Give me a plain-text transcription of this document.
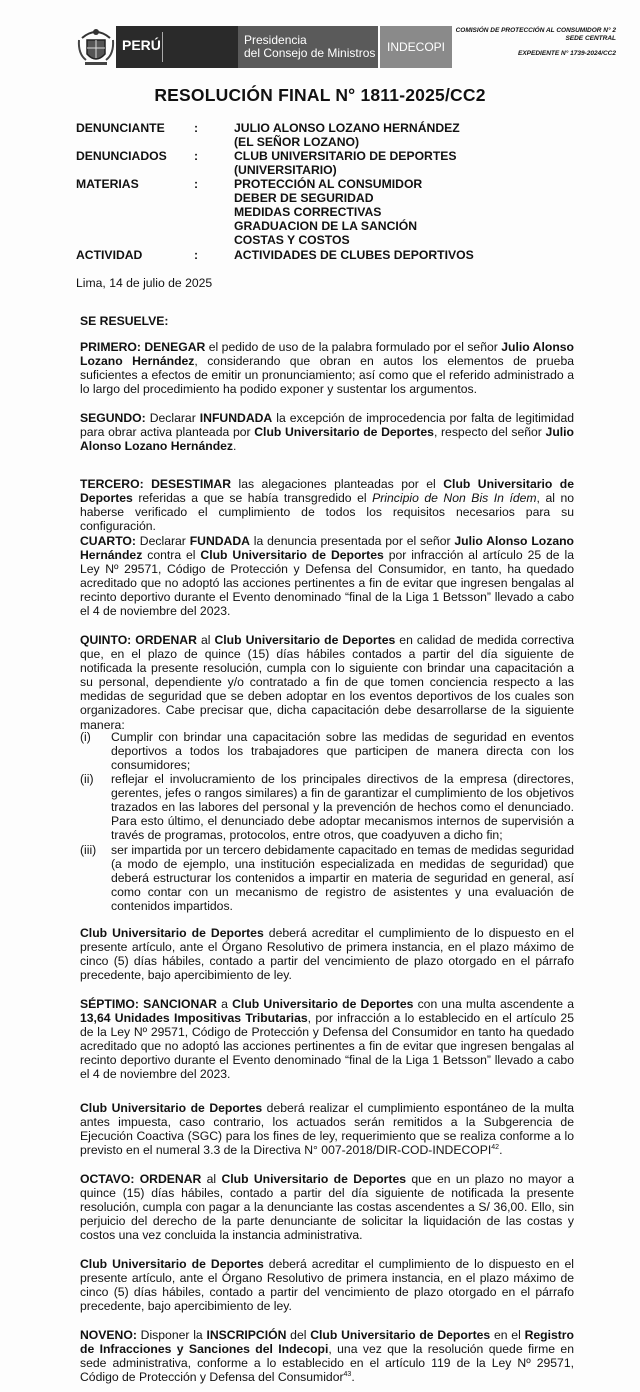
PERÚ	Presidencia
del Consejo de Ministros INDECOPI
COMISIÓN DE PROTECCIÓN AL CONSUMIDOR N° 2
SEDE CENTRAL
EXPEDIENTE N° 1739-2024/CC2
RESOLUCIÓN FINAL N° 1811-2025/CC2
DENUNCIANTE :	JULIO ALONSO LOZANO HERNÁNDEZ
(EL SEÑOR LOZANO)
DENUNCIADOS :	CLUB UNIVERSITARIO DE DEPORTES
(UNIVERSITARIO)
MATERIAS	:	PROTECCIÓN AL CONSUMIDOR
DEBER DE SEGURIDAD
MEDIDAS CORRECTIVAS
GRADUACION DE LA SANCIÓN
COSTAS Y COSTOS
ACTIVIDAD	:	ACTIVIDADES DE CLUBES DEPORTIVOS
Lima, 14 de julio de 2025
SE RESUELVE:

PRIMERO: DENEGAR el pedido de uso de la palabra formulado por el señor Julio Alonso Lozano Hernández, considerando que obran en autos los elementos de prueba suficientes a efectos de emitir un pronunciamiento; así como que el referido administrado a lo largo del procedimiento ha podido exponer y sustentar los argumentos.

SEGUNDO: Declarar INFUNDADA la excepción de improcedencia por falta de legitimidad para obrar activa planteada por Club Universitario de Deportes, respecto del señor Julio Alonso Lozano Hernández.

TERCERO: DESESTIMAR las alegaciones planteadas por el Club Universitario de Deportes referidas a que se había transgredido el Principio de Non Bis In ídem, al no haberse verificado el cumplimiento de todos los requisitos necesarios para su configuración.

CUARTO: Declarar FUNDADA la denuncia presentada por el señor Julio Alonso Lozano Hernández contra el Club Universitario de Deportes por infracción al artículo 25 de la Ley Nº 29571, Código de Protección y Defensa del Consumidor, en tanto, ha quedado acreditado que no adoptó las acciones pertinentes a fin de evitar que ingresen bengalas al recinto deportivo durante el Evento denominado “final de la Liga 1 Betsson” llevado a cabo el 4 de noviembre del 2023.

QUINTO: ORDENAR al Club Universitario de Deportes en calidad de medida correctiva que, en el plazo de quince (15) días hábiles contados a partir del día siguiente de notificada la presente resolución, cumpla con lo siguiente con brindar una capacitación a su personal, dependiente y/o contratado a fin de que tomen conciencia respecto a las medidas de seguridad que se deben adoptar en los eventos deportivos de los cuales son organizadores. Cabe precisar que, dicha capacitación debe desarrollarse de la siguiente manera:

(i) Cumplir con brindar una capacitación sobre las medidas de seguridad en eventos deportivos a todos los trabajadores que participen de manera directa con los consumidores;

(ii) reflejar el involucramiento de los principales directivos de la empresa (directores, gerentes, jefes o rangos similares) a fin de garantizar el cumplimiento de los objetivos trazados en las labores del personal y la prevención de hechos como el denunciado. Para esto último, el denunciado debe adoptar mecanismos internos de supervisión a través de programas, protocolos, entre otros, que coadyuven a dicho fin;

(iii) ser impartida por un tercero debidamente capacitado en temas de medidas seguridad (a modo de ejemplo, una institución especializada en medidas de seguridad) que deberá estructurar los contenidos a impartir en materia de seguridad en general, así como contar con un mecanismo de registro de asistentes y una evaluación de contenidos impartidos.

Club Universitario de Deportes deberá acreditar el cumplimiento de lo dispuesto en el presente artículo, ante el Órgano Resolutivo de primera instancia, en el plazo máximo de cinco (5) días hábiles, contado a partir del vencimiento de plazo otorgado en el párrafo precedente, bajo apercibimiento de ley.

SÉPTIMO: SANCIONAR a Club Universitario de Deportes con una multa ascendente a 13,64 Unidades Impositivas Tributarias, por infracción a lo establecido en el artículo 25 de la Ley Nº 29571, Código de Protección y Defensa del Consumidor en tanto ha quedado acreditado que no adoptó las acciones pertinentes a fin de evitar que ingresen bengalas al recinto deportivo durante el Evento denominado “final de la Liga 1 Betsson” llevado a cabo el 4 de noviembre del 2023.

Club Universitario de Deportes deberá realizar el cumplimiento espontáneo de la multa antes impuesta, caso contrario, los actuados serán remitidos a la Subgerencia de Ejecución Coactiva (SGC) para los fines de ley, requerimiento que se realiza conforme a lo previsto en el numeral 3.3 de la Directiva N° 007-2018/DIR-COD-INDECOPI$^{42}$.

OCTAVO: ORDENAR al Club Universitario de Deportes que en un plazo no mayor a quince (15) días hábiles, contado a partir del día siguiente de notificada la presente resolución, cumpla con pagar a la denunciante las costas ascendentes a S/ 36,00. Ello, sin perjuicio del derecho de la parte denunciante de solicitar la liquidación de las costas y costos una vez concluida la instancia administrativa.

Club Universitario de Deportes deberá acreditar el cumplimiento de lo dispuesto en el presente artículo, ante el Órgano Resolutivo de primera instancia, en el plazo máximo de cinco (5) días hábiles, contado a partir del vencimiento de plazo otorgado en el párrafo precedente, bajo apercibimiento de ley.

NOVENO: Disponer la INSCRIPCIÓN del Club Universitario de Deportes en el Registro de Infracciones y Sanciones del Indecopi, una vez que la resolución quede firme en sede administrativa, conforme a lo establecido en el artículo 119 de la Ley Nº 29571, Código de Protección y Defensa del Consumidor$^{43}$.
